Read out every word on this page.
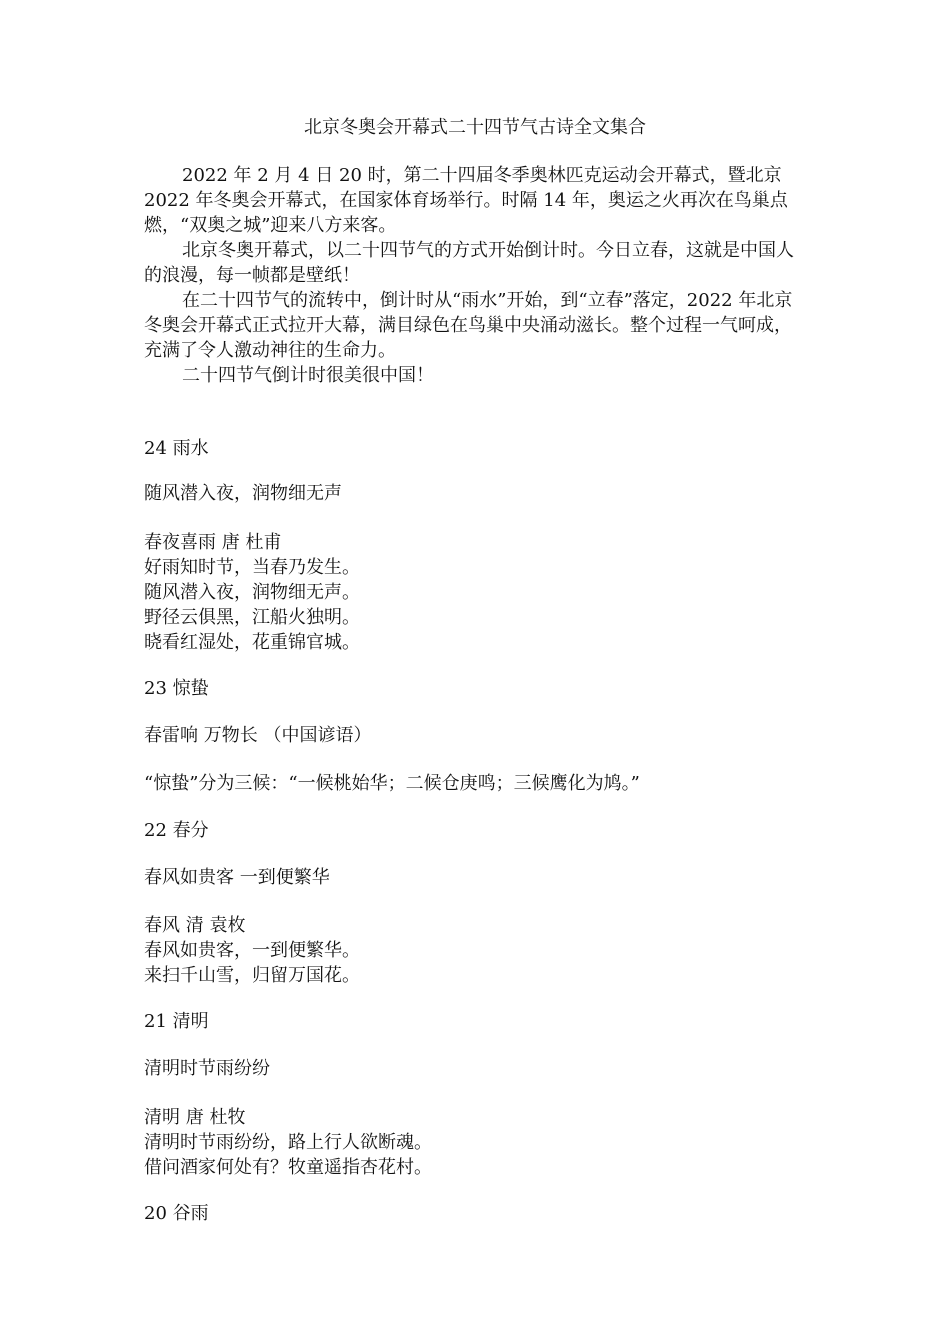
北京冬奥会开幕式二十四节气古诗全文集合

2022 年 2 月 4 日 20 时，第二十四届冬季奥林匹克运动会开幕式，暨北京 2022 年冬奥会开幕式，在国家体育场举行。时隔 14 年，奥运之火再次在鸟巢点燃，“双奥之城”迎来八方来客。

北京冬奥开幕式，以二十四节气的方式开始倒计时。今日立春，这就是中国人的浪漫，每一帧都是壁纸！

在二十四节气的流转中，倒计时从“雨水”开始，到“立春”落定，2022 年北京冬奥会开幕式正式拉开大幕，满目绿色在鸟巢中央涌动滋长。整个过程一气呵成，充满了令人激动神往的生命力。

二十四节气倒计时很美很中国！

24 雨水
随风潜入夜，润物细无声
春夜喜雨 唐 杜甫
好雨知时节，当春乃发生。
随风潜入夜，润物细无声。
野径云俱黑，江船火独明。
晓看红湿处，花重锦官城。
23 惊蛰
春雷响 万物长 （中国谚语）
“惊蛰”分为三候：“一候桃始华；二候仓庚鸣；三候鹰化为鸠。”
22 春分
春风如贵客 一到便繁华
春风 清 袁枚
春风如贵客，一到便繁华。
来扫千山雪，归留万国花。
21 清明
清明时节雨纷纷
清明 唐 杜牧
清明时节雨纷纷，路上行人欲断魂。
借问酒家何处有？牧童遥指杏花村。
20 谷雨
